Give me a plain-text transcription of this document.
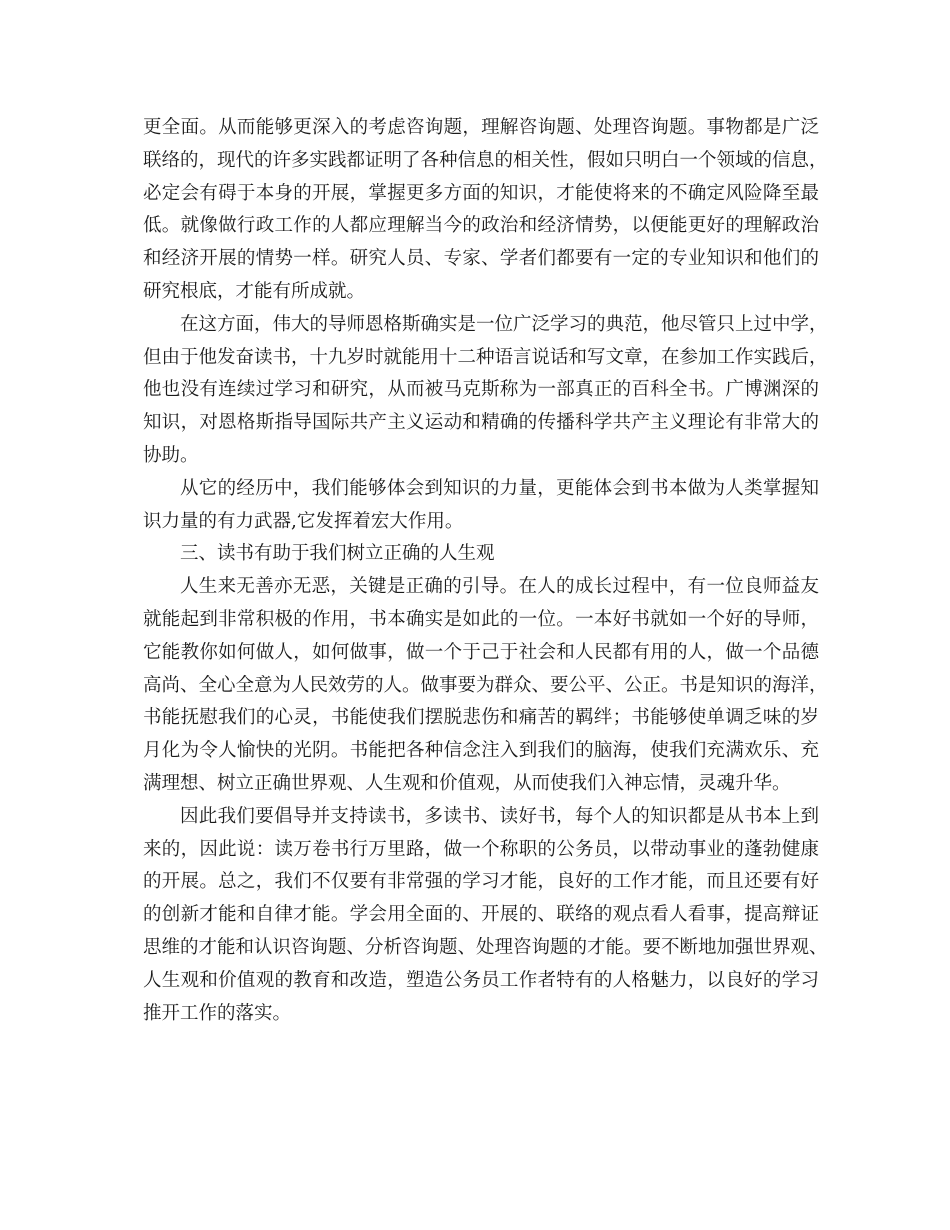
更全面。从而能够更深入的考虑咨询题，理解咨询题、处理咨询题。事物都是广泛
联络的，现代的许多实践都证明了各种信息的相关性，假如只明白一个领域的信息，
必定会有碍于本身的开展，掌握更多方面的知识，才能使将来的不确定风险降至最
低。就像做行政工作的人都应理解当今的政治和经济情势，以便能更好的理解政治
和经济开展的情势一样。研究人员、专家、学者们都要有一定的专业知识和他们的
研究根底，才能有所成就。
在这方面，伟大的导师恩格斯确实是一位广泛学习的典范，他尽管只上过中学，
但由于他发奋读书，十九岁时就能用十二种语言说话和写文章，在参加工作实践后，
他也没有连续过学习和研究，从而被马克斯称为一部真正的百科全书。广博渊深的
知识，对恩格斯指导国际共产主义运动和精确的传播科学共产主义理论有非常大的
协助。
从它的经历中，我们能够体会到知识的力量，更能体会到书本做为人类掌握知
识力量的有力武器,它发挥着宏大作用。
三、读书有助于我们树立正确的人生观
人生来无善亦无恶，关键是正确的引导。在人的成长过程中，有一位良师益友
就能起到非常积极的作用，书本确实是如此的一位。一本好书就如一个好的导师，
它能教你如何做人，如何做事，做一个于己于社会和人民都有用的人，做一个品德
高尚、全心全意为人民效劳的人。做事要为群众、要公平、公正。书是知识的海洋，
书能抚慰我们的心灵，书能使我们摆脱悲伤和痛苦的羁绊；书能够使单调乏味的岁
月化为令人愉快的光阴。书能把各种信念注入到我们的脑海，使我们充满欢乐、充
满理想、树立正确世界观、人生观和价值观，从而使我们入神忘情，灵魂升华。
因此我们要倡导并支持读书，多读书、读好书，每个人的知识都是从书本上到
来的，因此说：读万卷书行万里路，做一个称职的公务员，以带动事业的蓬勃健康
的开展。总之，我们不仅要有非常强的学习才能，良好的工作才能，而且还要有好
的创新才能和自律才能。学会用全面的、开展的、联络的观点看人看事，提高辩证
思维的才能和认识咨询题、分析咨询题、处理咨询题的才能。要不断地加强世界观、
人生观和价值观的教育和改造，塑造公务员工作者特有的人格魅力，以良好的学习
推开工作的落实。
